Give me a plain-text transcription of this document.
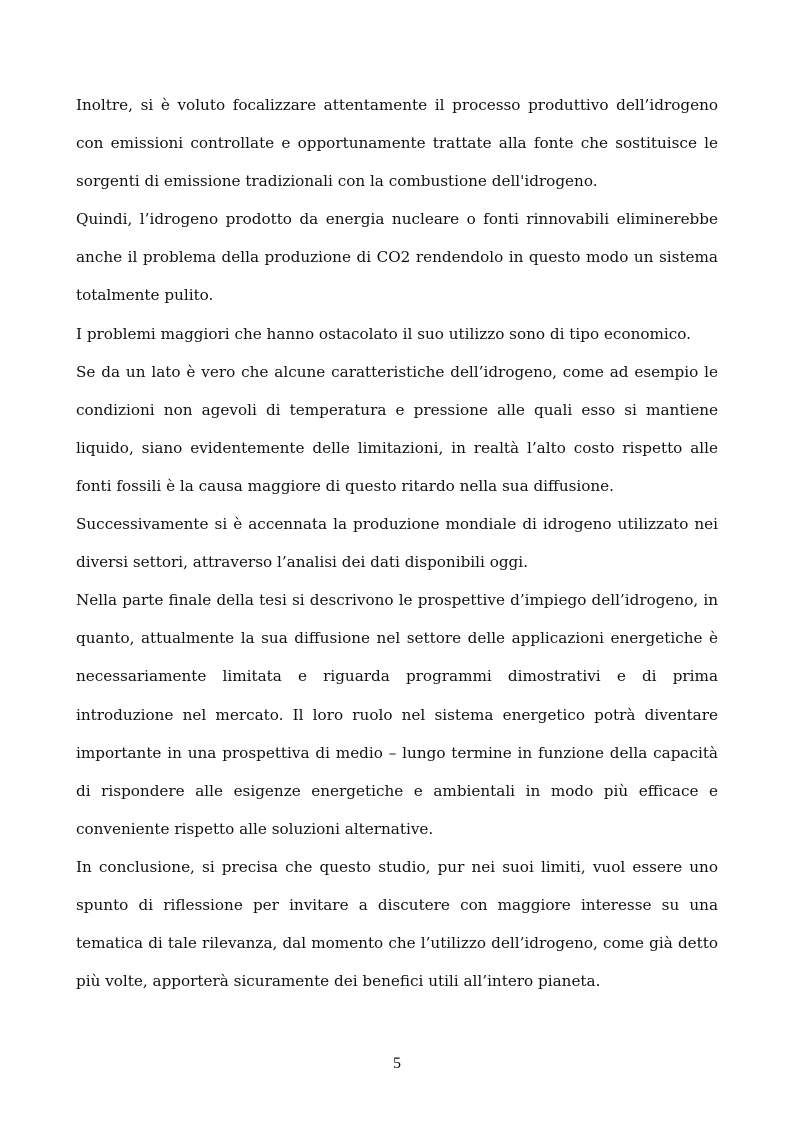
Inoltre, si è voluto focalizzare attentamente il processo produttivo dell’idrogeno con emissioni controllate e opportunamente trattate alla fonte che sostituisce le sorgenti di emissione tradizionali con la combustione dell'idrogeno.

Quindi, l’idrogeno prodotto da energia nucleare o fonti rinnovabili eliminerebbe anche il problema della produzione di CO2 rendendolo in questo modo un sistema totalmente pulito.

I problemi maggiori che hanno ostacolato il suo utilizzo sono di tipo economico.

Se da un lato è vero che alcune caratteristiche dell’idrogeno, come ad esempio le condizioni non agevoli di temperatura e pressione alle quali esso si mantiene liquido, siano evidentemente delle limitazioni, in realtà l’alto costo rispetto alle fonti fossili è la causa maggiore di questo ritardo nella sua diffusione.

Successivamente si è accennata la produzione mondiale di idrogeno utilizzato nei diversi settori, attraverso l’analisi dei dati disponibili oggi.

Nella parte finale della tesi si descrivono le prospettive d’impiego dell’idrogeno, in quanto, attualmente la sua diffusione nel settore delle applicazioni energetiche è necessariamente limitata e riguarda programmi dimostrativi e di prima introduzione nel mercato. Il loro ruolo nel sistema energetico potrà diventare importante in una prospettiva di medio – lungo termine in funzione della capacità di rispondere alle esigenze energetiche e ambientali in modo più efficace e conveniente rispetto alle soluzioni alternative.

In conclusione, si precisa che questo studio, pur nei suoi limiti, vuol essere uno spunto di riflessione per invitare a discutere con maggiore interesse su una tematica di tale rilevanza, dal momento che l’utilizzo dell’idrogeno, come già detto più volte, apporterà sicuramente dei benefici utili all’intero pianeta.

5
